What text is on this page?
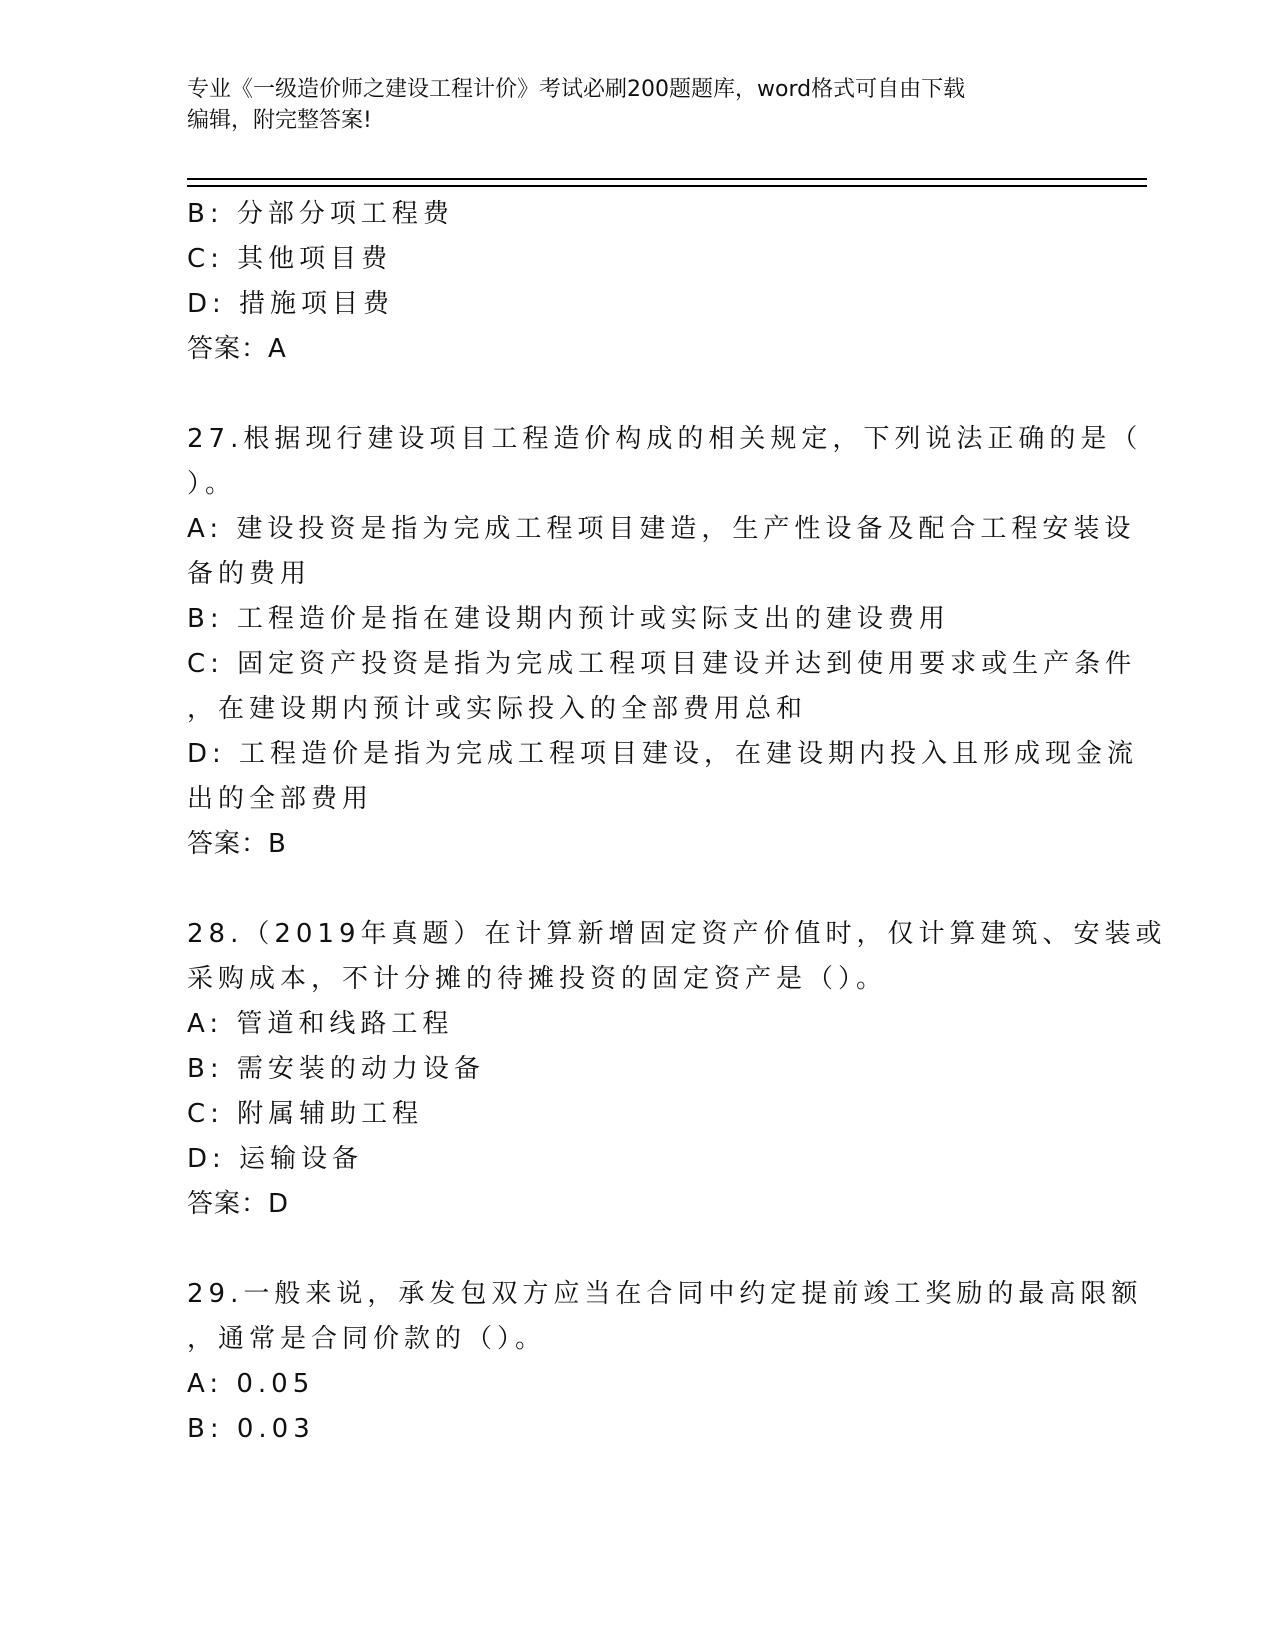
专业《一级造价师之建设工程计价》考试必刷200题题库，word格式可自由下载
编辑，附完整答案!
B: 分部分项工程费
C: 其他项目费
D: 措施项目费
答案：A
27.根据现行建设项目工程造价构成的相关规定，下列说法正确的是（
）。
A: 建设投资是指为完成工程项目建造，生产性设备及配合工程安装设
备的费用
B: 工程造价是指在建设期内预计或实际支出的建设费用
C: 固定资产投资是指为完成工程项目建设并达到使用要求或生产条件
，在建设期内预计或实际投入的全部费用总和
D: 工程造价是指为完成工程项目建设，在建设期内投入且形成现金流
出的全部费用
答案：B
28.（2019年真题）在计算新增固定资产价值时，仅计算建筑、安装或
采购成本，不计分摊的待摊投资的固定资产是（）。
A: 管道和线路工程
B: 需安装的动力设备
C: 附属辅助工程
D: 运输设备
答案：D
29.一般来说，承发包双方应当在合同中约定提前竣工奖励的最高限额
，通常是合同价款的（）。
A: 0.05
B: 0.03
